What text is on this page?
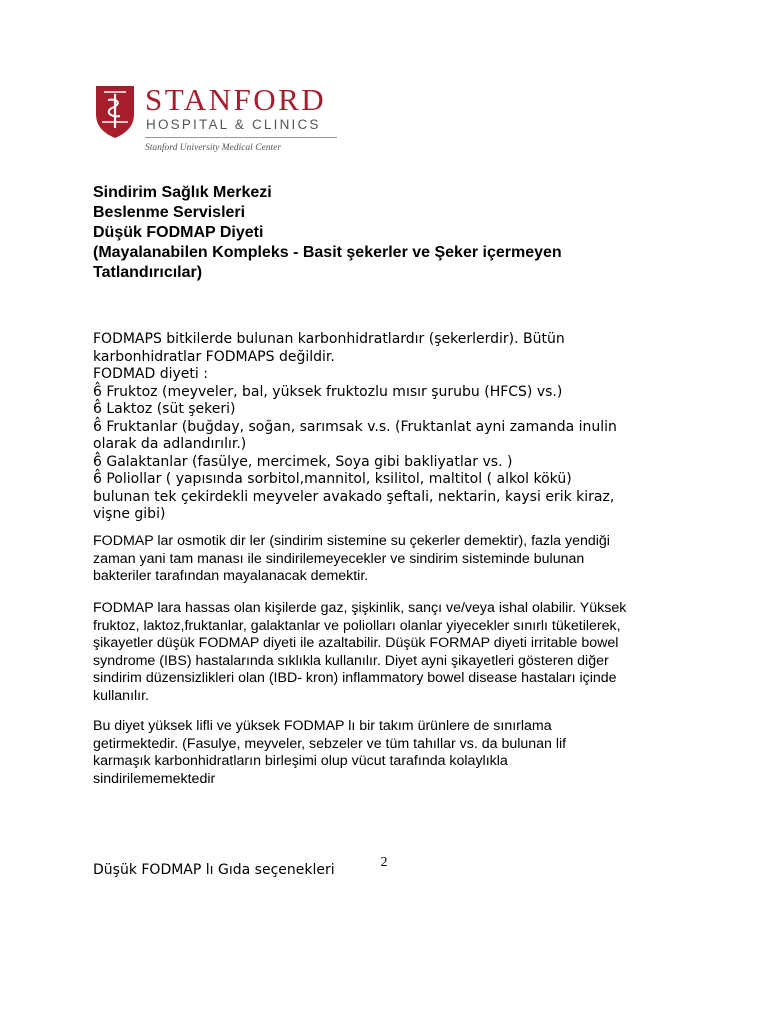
STANFORD
HOSPITAL & CLINICS
Stanford University Medical Center
Sindirim Sağlık Merkezi
Beslenme Servisleri
Düşük FODMAP Diyeti
(Mayalanabilen Kompleks - Basit şekerler ve Şeker içermeyen
Tatlandırıcılar)
FODMAPS bitkilerde bulunan karbonhidratlardır (şekerlerdir). Bütün
karbonhidratlar FODMAPS değildir.
FODMAD diyeti :
6̂ Fruktoz (meyveler, bal, yüksek fruktozlu mısır şurubu (HFCS) vs.)
6̂ Laktoz (süt şekeri)
6̂ Fruktanlar (buğday, soğan, sarımsak v.s. (Fruktanlat ayni zamanda inulin
olarak da adlandırılır.)
6̂ Galaktanlar (fasülye, mercimek, Soya gibi bakliyatlar vs. )
6̂ Poliollar ( yapısında sorbitol,mannitol, ksilitol, maltitol ( alkol kökü)
bulunan tek çekirdekli meyveler avakado şeftali, nektarin, kaysi erik kiraz,
vişne gibi)
FODMAP lar osmotik dir ler (sindirim sistemine su çekerler demektir), fazla yendiği
zaman yani tam manası ile sindirilemeyecekler ve sindirim sisteminde bulunan
bakteriler tarafından mayalanacak demektir.
FODMAP lara hassas olan kişilerde gaz, şişkinlik, sançı ve/veya ishal olabilir. Yüksek
fruktoz, laktoz,fruktanlar, galaktanlar ve polioll​arı olanlar yiyecekler sınırlı tüketilerek,
şikayetler düşük FODMAP diyeti ile azaltabilir. Düşük FORMAP diyeti irritable bowel
syndrome (IBS) hastalarında sıklıkla kullanılır. Diyet ayni şikayetleri gösteren diğer
sindirim düzensizlikleri olan (IBD- kron) inflammatory bowel disease hastaları içinde
kullanılır.
Bu diyet yüksek lifli ve yüksek FODMAP lı bir takım ürünlere de sınırlama
getirmektedir. (Fasulye, meyveler, sebzeler ve tüm tahıllar vs. da bulunan lif
karmaşık karbonhidratların birleşimi olup vücut tarafında kolaylıkla
sindirilememektedir
2
Düşük FODMAP lı Gıda seçenekleri
